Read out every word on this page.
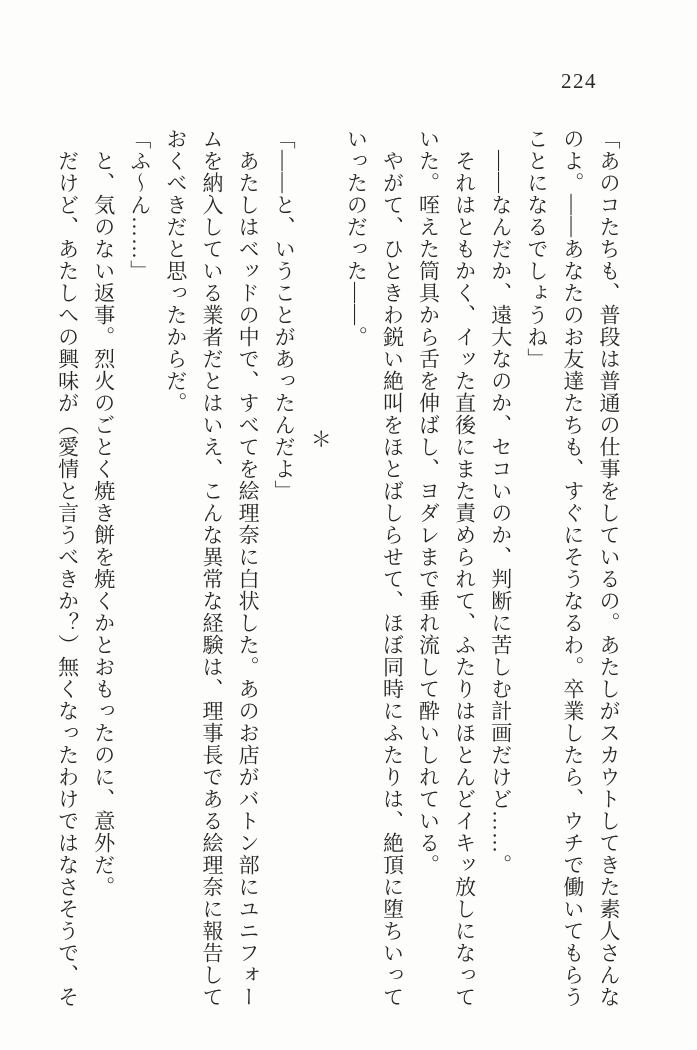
224

「あのコたちも、普段は普通の仕事をしているの。あたしがスカウトしてきた素人さんな

のよ。――あなたのお友達たちも、すぐにそうなるわ。卒業したら、ウチで働いてもらう

ことになるでしょうね」

――なんだか、遠大なのか、セコいのか、判断に苦しむ計画だけど……。

それはともかく、イッた直後にまた責められて、ふたりはほとんどイキッ放しになって

いた。咥えた筒具から舌を伸ばし、ヨダレまで垂れ流して酔いしれている。

やがて、ひときわ鋭い絶叫をほとばしらせて、ほぼ同時にふたりは、絶頂に堕ちいって

いったのだった――。

＊

「――と、いうことがあったんだよ」

あたしはベッドの中で、すべてを絵理奈に白状した。あのお店がバトン部にユニフォー

ムを納入している業者だとはいえ、こんな異常な経験は、理事長である絵理奈に報告して

おくべきだと思ったからだ。

「ふ〜ん……」

と、気のない返事。烈火のごとく焼き餅を焼くかとおもったのに、意外だ。

だけど、あたしへの興味が（愛情と言うべきか？）無くなったわけではなさそうで、そ
